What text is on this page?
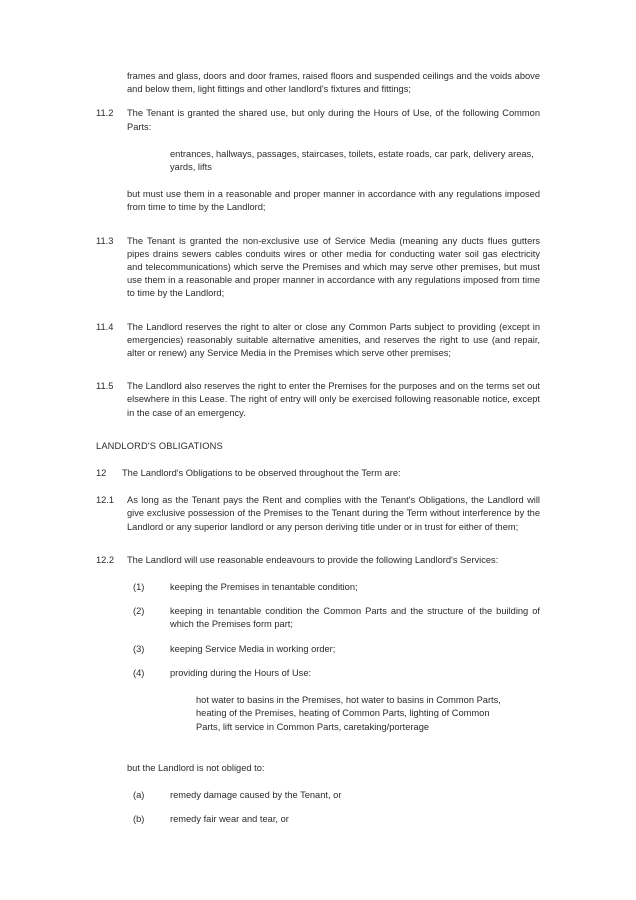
frames and glass, doors and door frames, raised floors and suspended ceilings and the voids above and below them, light fittings and other landlord's fixtures and fittings;
11.2	The Tenant is granted the shared use, but only during the Hours of Use, of the following Common Parts:
entrances, hallways, passages, staircases, toilets, estate roads, car park, delivery areas, yards, lifts
but must use them in a reasonable and proper manner in accordance with any regulations imposed from time to time by the Landlord;
11.3	The Tenant is granted the non-exclusive use of Service Media (meaning any ducts flues gutters pipes drains sewers cables conduits wires or other media for conducting water soil gas electricity and telecommunications) which serve the Premises and which may serve other premises, but must use them in a reasonable and proper manner in accordance with any regulations imposed from time to time by the Landlord;
11.4	The Landlord reserves the right to alter or close any Common Parts subject to providing (except in emergencies) reasonably suitable alternative amenities, and reserves the right to use (and repair, alter or renew) any Service Media in the Premises which serve other premises;
11.5	The Landlord also reserves the right to enter the Premises for the purposes and on the terms set out elsewhere in this Lease. The right of entry will only be exercised following reasonable notice, except in the case of an emergency.
LANDLORD'S OBLIGATIONS
12	The Landlord's Obligations to be observed throughout the Term are:
12.1	As long as the Tenant pays the Rent and complies with the Tenant's Obligations, the Landlord will give exclusive possession of the Premises to the Tenant during the Term without interference by the Landlord or any superior landlord or any person deriving title under or in trust for either of them;
12.2	The Landlord will use reasonable endeavours to provide the following Landlord's Services:
(1)	keeping the Premises in tenantable condition;
(2)	keeping in tenantable condition the Common Parts and the structure of the building of which the Premises form part;
(3)	keeping Service Media in working order;
(4)	providing during the Hours of Use:
hot water to basins in the Premises, hot water to basins in Common Parts, heating of the Premises, heating of Common Parts, lighting of Common Parts, lift service in Common Parts, caretaking/porterage
but the Landlord is not obliged to:
(a)	remedy damage caused by the Tenant, or
(b)	remedy fair wear and tear, or
